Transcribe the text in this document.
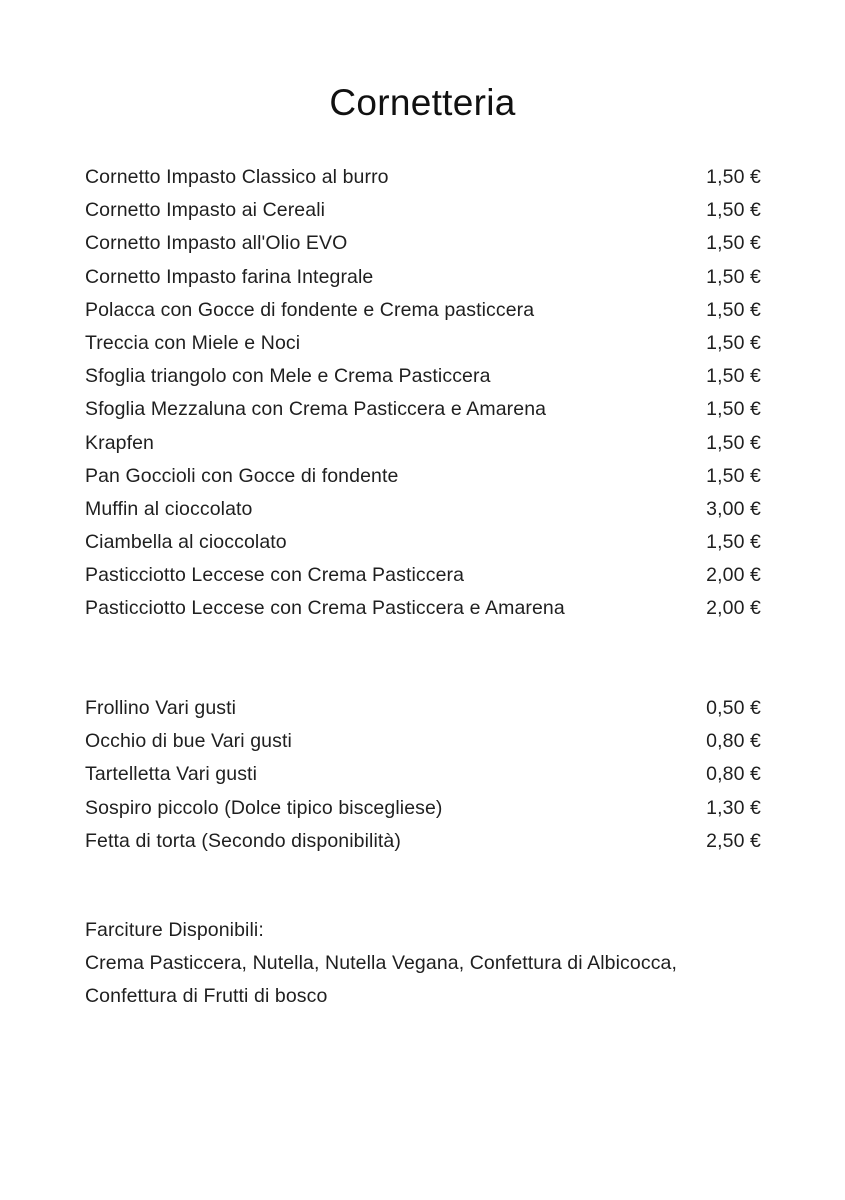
Cornetteria
Cornetto Impasto Classico al burro	1,50 €
Cornetto Impasto ai Cereali	1,50 €
Cornetto Impasto all'Olio EVO	1,50 €
Cornetto Impasto farina Integrale	1,50 €
Polacca con Gocce di fondente e Crema pasticcera	1,50 €
Treccia con Miele e Noci	1,50 €
Sfoglia triangolo con Mele e Crema Pasticcera	1,50 €
Sfoglia Mezzaluna con Crema Pasticcera e Amarena	1,50 €
Krapfen	1,50 €
Pan Goccioli con Gocce di fondente	1,50 €
Muffin al cioccolato	3,00 €
Ciambella al cioccolato	1,50 €
Pasticciotto Leccese con Crema Pasticcera	2,00 €
Pasticciotto Leccese con Crema Pasticcera e Amarena	2,00 €
Frollino Vari gusti	0,50 €
Occhio di bue Vari gusti	0,80 €
Tartelletta Vari gusti	0,80 €
Sospiro piccolo (Dolce tipico biscegliese)	1,30 €
Fetta di torta (Secondo disponibilità)	2,50 €
Farciture Disponibili:
Crema Pasticcera, Nutella, Nutella Vegana, Confettura di Albicocca,
Confettura di Frutti di bosco
